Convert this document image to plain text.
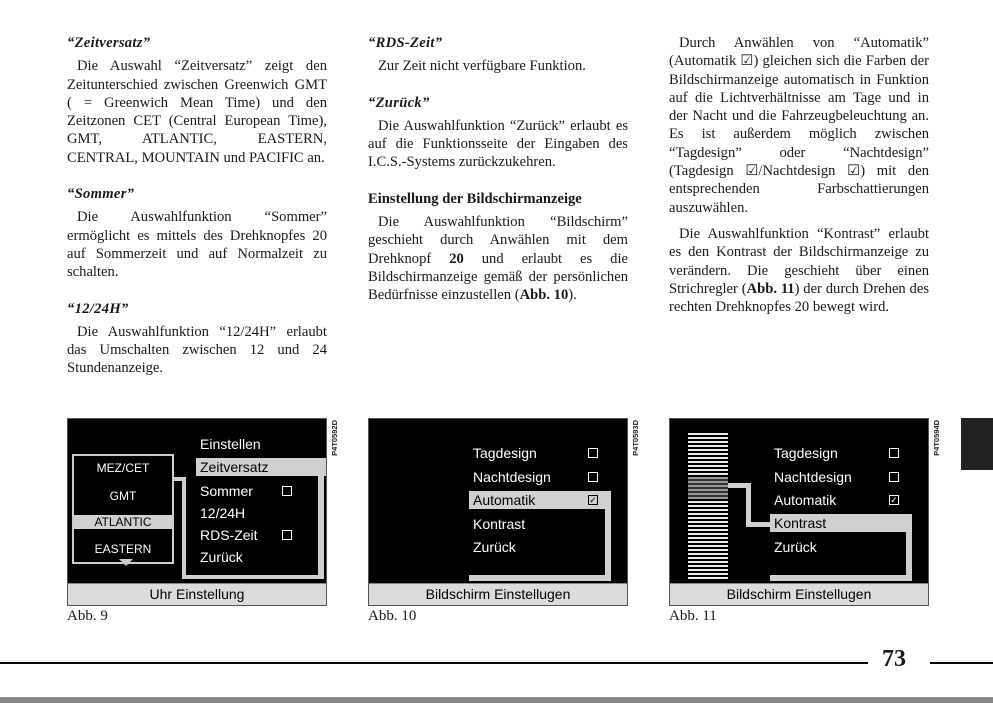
“Zeitversatz”

Die Auswahl “Zeitversatz” zeigt den Zeitunterschied zwischen Greenwich GMT ( = Greenwich Mean Time) und den Zeitzonen CET (Central European Time), GMT, ATLANTIC, EASTERN, CENTRAL, MOUNTAIN und PACIFIC an.

“Sommer”

Die Auswahlfunktion “Sommer” ermöglicht es mittels des Drehknopfes 20 auf Sommerzeit und auf Normalzeit zu schalten.

“12/24H”

Die Auswahlfunktion “12/24H” erlaubt das Umschalten zwischen 12 und 24 Stundenanzeige.

“RDS-Zeit”

Zur Zeit nicht verfügbare Funktion.

“Zurück”

Die Auswahlfunktion “Zurück” erlaubt es auf die Funktionsseite der Eingaben des I.C.S.-Systems zurückzukehren.

Einstellung der Bildschirmanzeige

Die Auswahlfunktion “Bildschirm” geschieht durch Anwählen mit dem Drehknopf 20 und erlaubt es die Bildschirmanzeige gemäß der persönlichen Bedürfnisse einzustellen (Abb. 10).

Durch Anwählen von “Automatik” (Automatik ☑) gleichen sich die Farben der Bildschirmanzeige automatisch in Funktion auf die Lichtverhältnisse am Tage und in der Nacht und die Fahrzeugbeleuchtung an. Es ist außerdem möglich zwischen “Tagdesign” oder “Nachtdesign” (Tagdesign ☑/Nachtdesign ☑) mit den entsprechenden Farbschattierungen auszuwählen.

Die Auswahlfunktion “Kontrast” erlaubt es den Kontrast der Bildschirmanzeige zu verändern. Die geschieht über einen Strichregler (Abb. 11) der durch Drehen des rechten Drehknopfes 20 bewegt wird.

MEZ/CET
GMT
ATLANTIC
EASTERN
Einstellen
Zeitversatz
Sommer
12/24H
RDS-Zeit
Zurück
Uhr Einstellung
P4T0592D
Abb. 9
Tagdesign
Nachtdesign
Automatik	✓
Kontrast
Zurück
Bildschirm Einstellugen
P4T0593D
Abb. 10
Tagdesign
Nachtdesign
Automatik	✓
Kontrast
Zurück
Bildschirm Einstellugen
P4T0594D
Abb. 11
73
